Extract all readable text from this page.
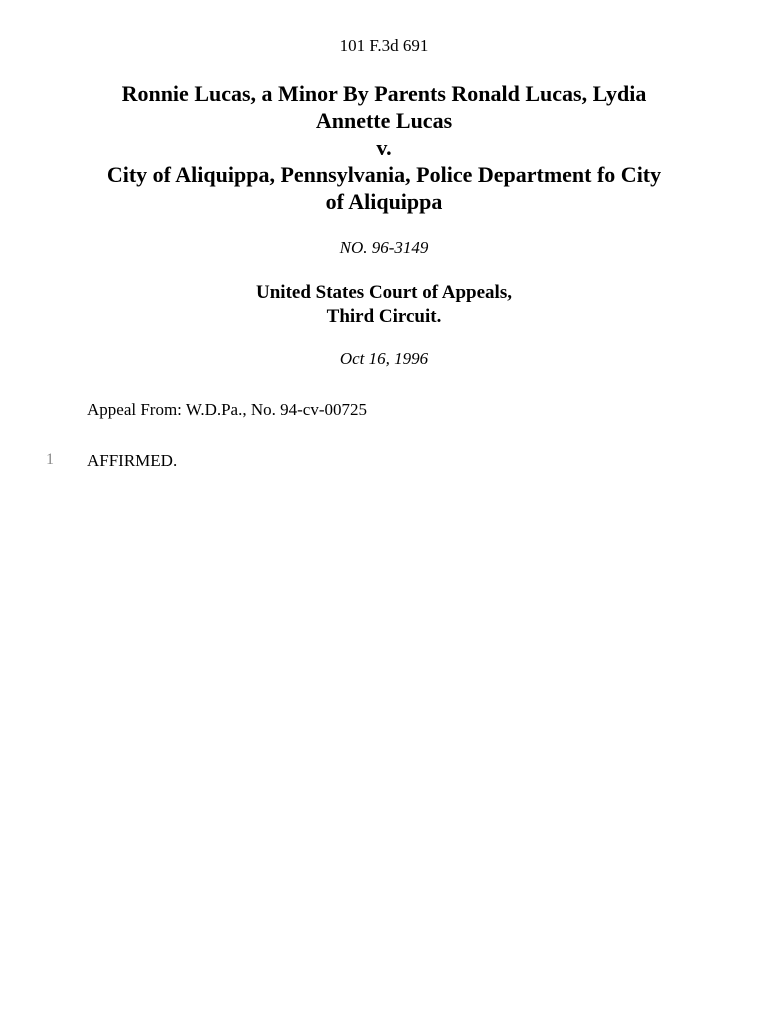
101 F.3d 691
Ronnie Lucas, a Minor By Parents Ronald Lucas, Lydia
Annette Lucas
v.
City of Aliquippa, Pennsylvania, Police Department fo City
of Aliquippa
NO. 96-3149
United States Court of Appeals,
Third Circuit.
Oct 16, 1996
Appeal From: W.D.Pa., No. 94-cv-00725
1 AFFIRMED.
